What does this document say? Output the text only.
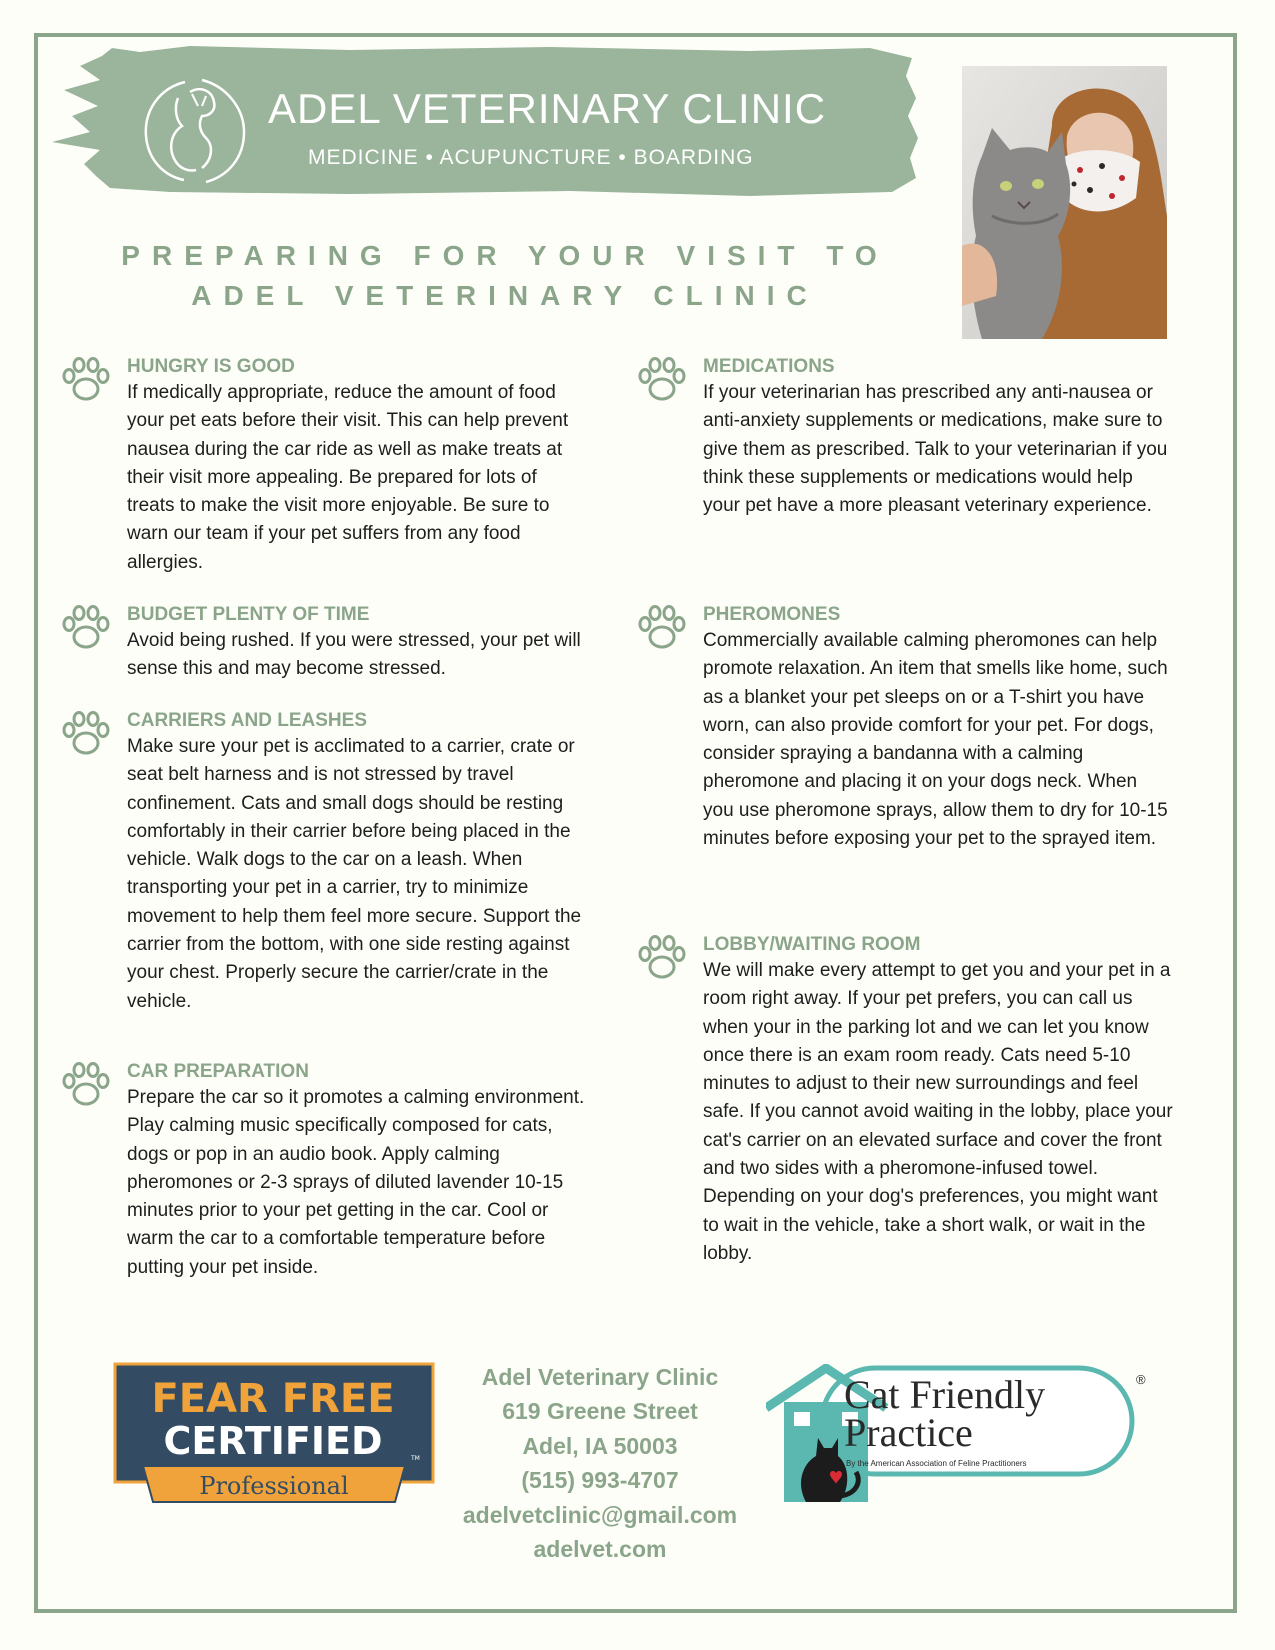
ADEL VETERINARY CLINIC
MEDICINE • ACUPUNCTURE • BOARDING
PREPARING FOR YOUR VISIT TO
ADEL VETERINARY CLINIC

HUNGRY IS GOOD

If medically appropriate, reduce the amount of food your pet eats before their visit. This can help prevent nausea during the car ride as well as make treats at their visit more appealing. Be prepared for lots of treats to make the visit more enjoyable. Be sure to warn our team if your pet suffers from any food allergies.

BUDGET PLENTY OF TIME

Avoid being rushed. If you were stressed, your pet will sense this and may become stressed.

CARRIERS AND LEASHES

Make sure your pet is acclimated to a carrier, crate or seat belt harness and is not stressed by travel confinement. Cats and small dogs should be resting comfortably in their carrier before being placed in the vehicle. Walk dogs to the car on a leash. When transporting your pet in a carrier, try to minimize movement to help them feel more secure. Support the carrier from the bottom, with one side resting against your chest. Properly secure the carrier/crate in the vehicle.

CAR PREPARATION

Prepare the car so it promotes a calming environment. Play calming music specifically composed for cats, dogs or pop in an audio book. Apply calming pheromones or 2-3 sprays of diluted lavender 10-15 minutes prior to your pet getting in the car. Cool or warm the car to a comfortable temperature before putting your pet inside.

MEDICATIONS

If your veterinarian has prescribed any anti-nausea or anti-anxiety supplements or medications, make sure to give them as prescribed. Talk to your veterinarian if you think these supplements or medications would help your pet have a more pleasant veterinary experience.

PHEROMONES

Commercially available calming pheromones can help promote relaxation. An item that smells like home, such as a blanket your pet sleeps on or a T-shirt you have worn, can also provide comfort for your pet. For dogs, consider spraying a bandanna with a calming pheromone and placing it on your dogs neck. When you use pheromone sprays, allow them to dry for 10-15 minutes before exposing your pet to the sprayed item.

LOBBY/WAITING ROOM

We will make every attempt to get you and your pet in a room right away. If your pet prefers, you can call us when your in the parking lot and we can let you know once there is an exam room ready. Cats need 5-10 minutes to adjust to their new surroundings and feel safe. If you cannot avoid waiting in the lobby, place your cat's carrier on an elevated surface and cover the front and two sides with a pheromone-infused towel. Depending on your dog's preferences, you might want to wait in the vehicle, take a short walk, or wait in the lobby.

FEAR FREE
CERTIFIED
Professional
TM
Adel Veterinary Clinic
619 Greene Street
Adel, IA 50003
(515) 993-4707
adelvetclinic@gmail.com
adelvet.com
Cat Friendly
Practice
By the American Association of Feline Practitioners
®
